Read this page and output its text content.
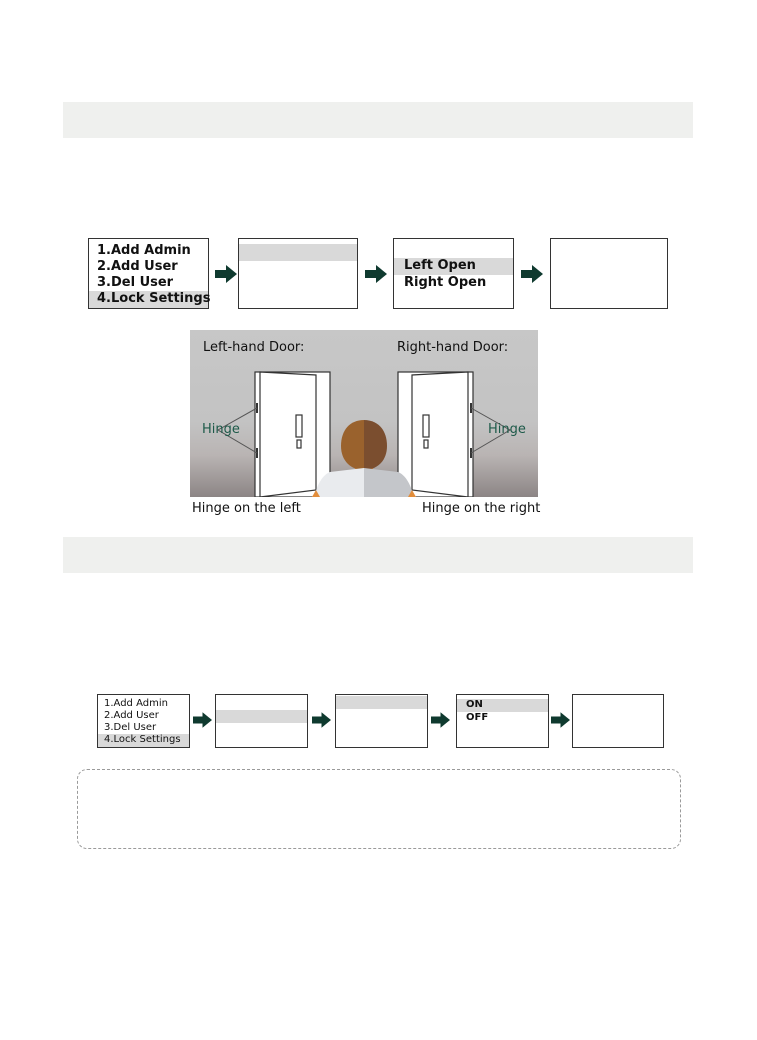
1.Add Admin
2.Add User
3.Del User
4.Lock Settings
Left Open
Right Open
Left-hand Door:	Right-hand Door:
Hinge	Hinge
Hinge on the left	Hinge on the right
1.Add Admin
2.Add User
3.Del User
4.Lock Settings
ON
OFF
